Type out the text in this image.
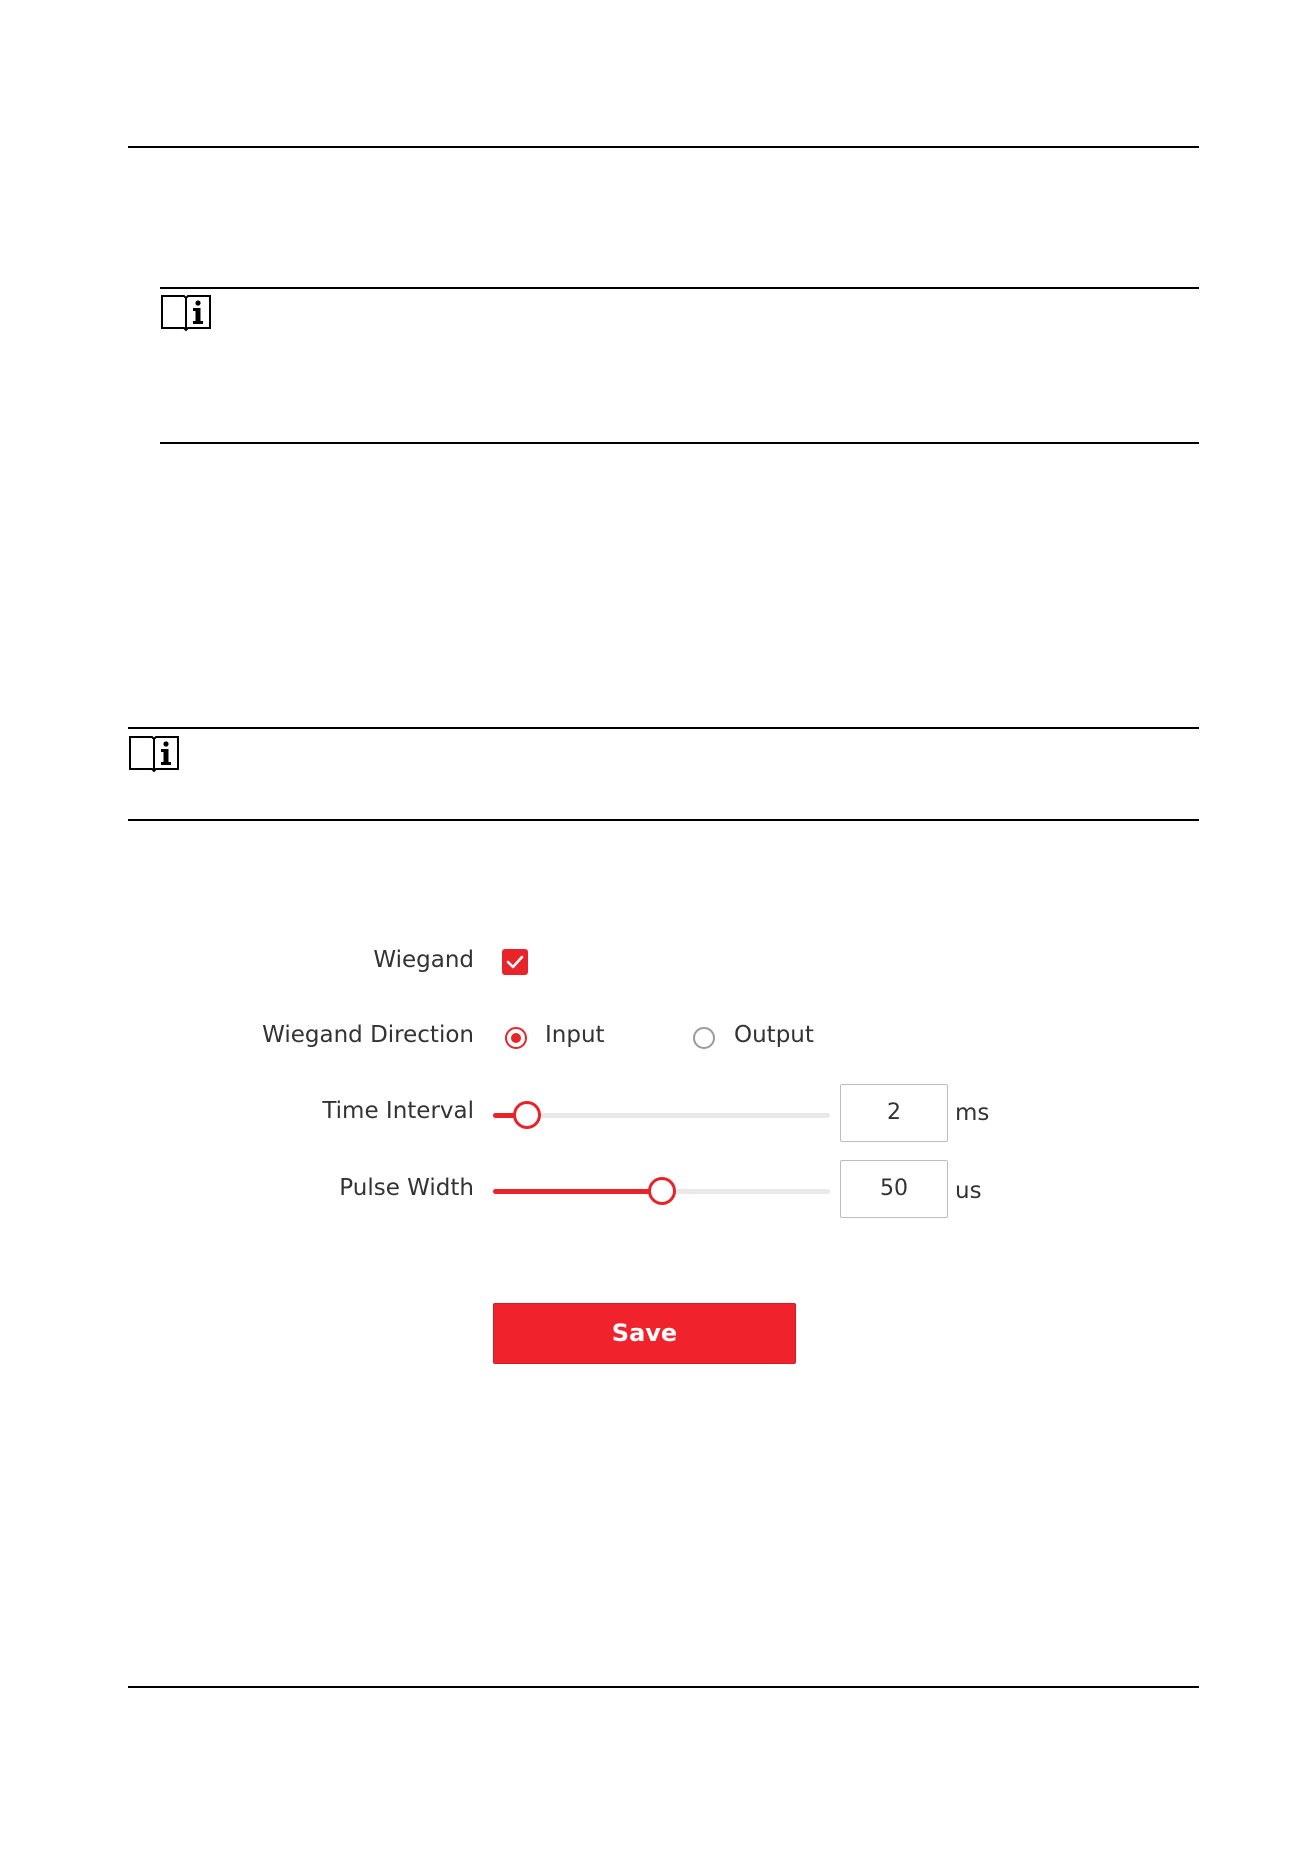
Wiegand
Wiegand Direction	Input	Output
Time Interval	2	ms
Pulse Width	50	us
Save
